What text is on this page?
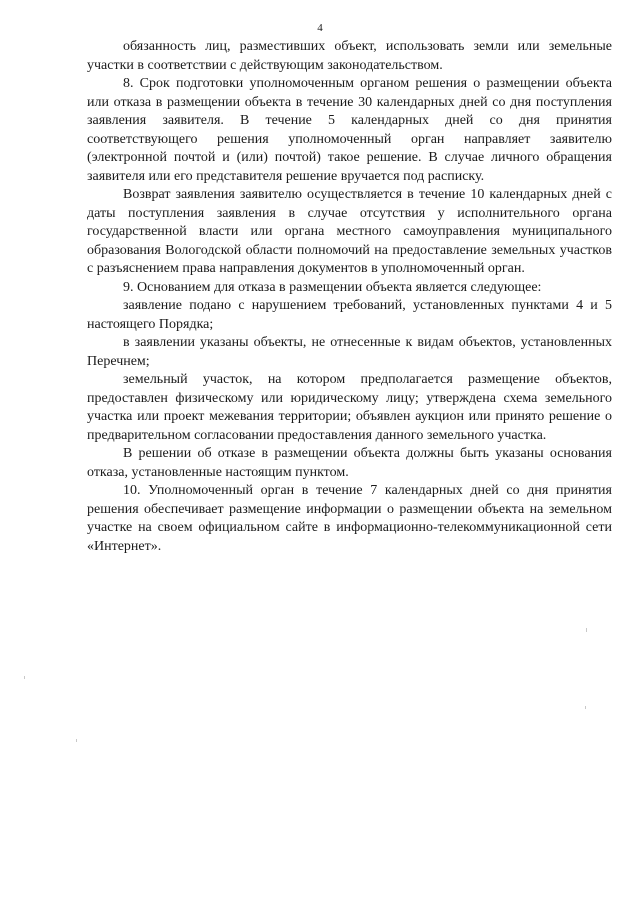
4

обязанность лиц, разместивших объект, использовать земли или земельные участки в соответствии с действующим законодательством.

8. Срок подготовки уполномоченным органом решения о размещении объекта или отказа в размещении объекта в течение 30 календарных дней со дня поступления заявления заявителя. В течение 5 календарных дней со дня принятия соответствующего решения уполномоченный орган направляет заявителю (электронной почтой и (или) почтой) такое решение. В случае личного обращения заявителя или его представителя решение вручается под расписку.

Возврат заявления заявителю осуществляется в течение 10 календарных дней с даты поступления заявления в случае отсутствия у исполнительного органа государственной власти или органа местного самоуправления муниципального образования Вологодской области полномочий на предоставление земельных участков с разъяснением права направления документов в уполномоченный орган.

9. Основанием для отказа в размещении объекта является следующее:

заявление подано с нарушением требований, установленных пунктами 4 и 5 настоящего Порядка;

в заявлении указаны объекты, не отнесенные к видам объектов, установленных Перечнем;

земельный участок, на котором предполагается размещение объектов, предоставлен физическому или юридическому лицу; утверждена схема земельного участка или проект межевания территории; объявлен аукцион или принято решение о предварительном согласовании предоставления данного земельного участка.

В решении об отказе в размещении объекта должны быть указаны основания отказа, установленные настоящим пунктом.

10. Уполномоченный орган в течение 7 календарных дней со дня принятия решения обеспечивает размещение информации о размещении объекта на земельном участке на своем официальном сайте в информационно-телекоммуникационной сети «Интернет».
